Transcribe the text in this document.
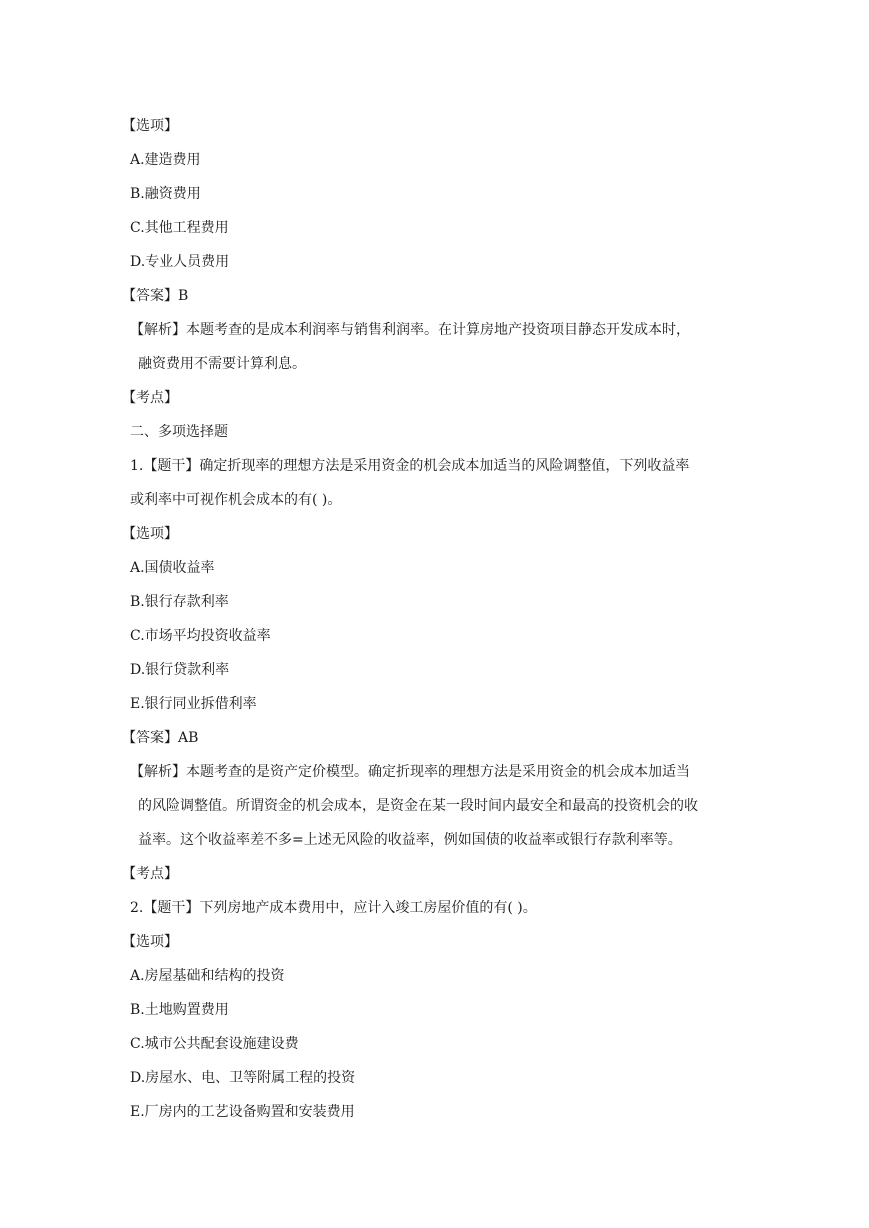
【选项】

A.建造费用

B.融资费用

C.其他工程费用

D.专业人员费用

【答案】B

【解析】本题考查的是成本利润率与销售利润率。在计算房地产投资项目静态开发成本时，
融资费用不需要计算利息。

【考点】

二、多项选择题

1.【题干】确定折现率的理想方法是采用资金的机会成本加适当的风险调整值，下列收益率
或利率中可视作机会成本的有( )。

【选项】

A.国债收益率

B.银行存款利率

C.市场平均投资收益率

D.银行贷款利率

E.银行同业拆借利率

【答案】AB

【解析】本题考查的是资产定价模型。确定折现率的理想方法是采用资金的机会成本加适当
的风险调整值。所谓资金的机会成本，是资金在某一段时间内最安全和最高的投资机会的收
益率。这个收益率差不多=上述无风险的收益率，例如国债的收益率或银行存款利率等。

【考点】

2.【题干】下列房地产成本费用中，应计入竣工房屋价值的有( )。

【选项】

A.房屋基础和结构的投资

B.土地购置费用

C.城市公共配套设施建设费

D.房屋水、电、卫等附属工程的投资

E.厂房内的工艺设备购置和安装费用
